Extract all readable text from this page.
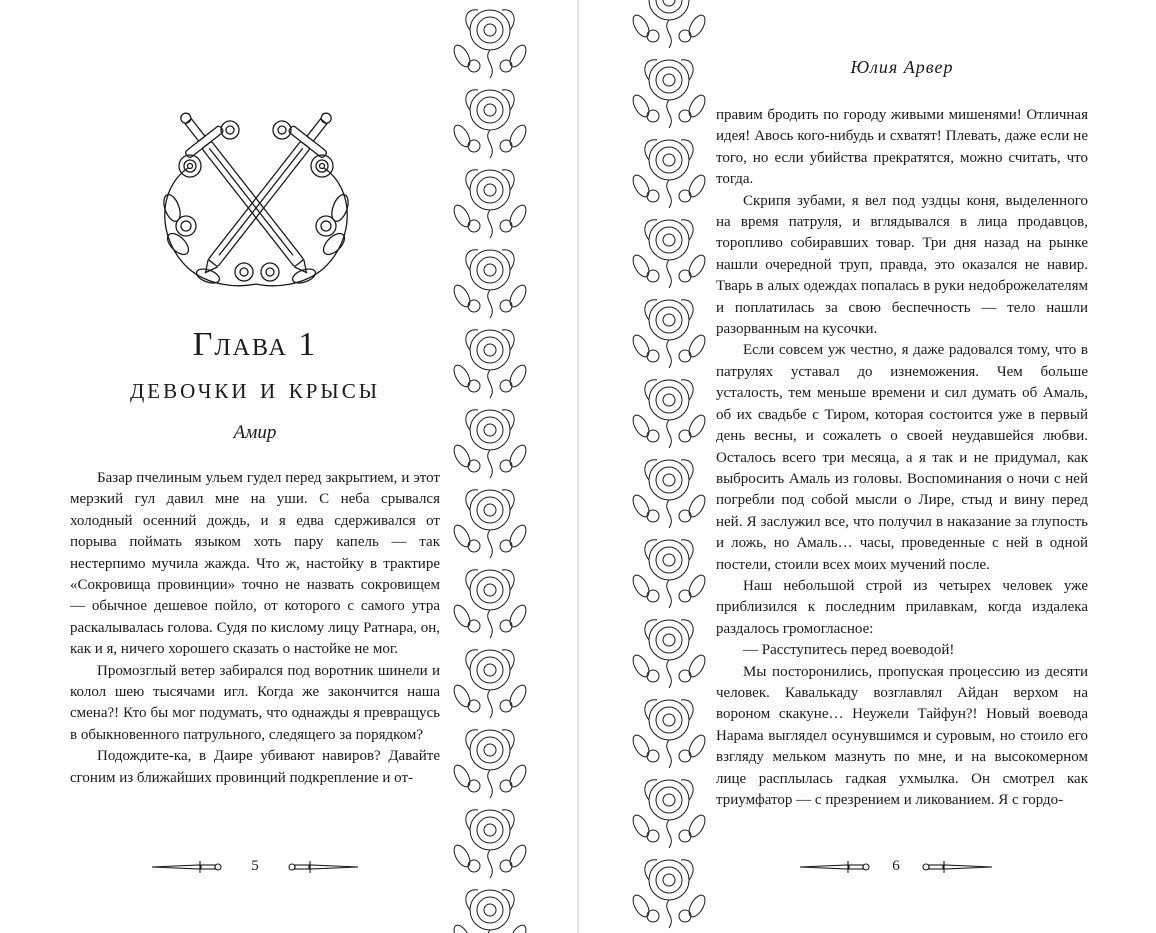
Глава 1
девочки и крысы
Амир

Базар пчелиным ульем гудел перед закрытием, и этот мерзкий гул давил мне на уши. С неба срывался холодный осенний дождь, и я едва сдерживался от порыва поймать языком хоть пару капель — так нестерпимо мучила жажда. Что ж, настойку в трактире «Сокровища провинции» точно не назвать сокровищем — обычное дешевое пойло, от которого с самого утра раскалывалась голова. Судя по кислому лицу Ратнара, он, как и я, ничего хорошего сказать о настойке не мог.

Промозглый ветер забирался под воротник шинели и колол шею тысячами игл. Когда же закончится наша смена?! Кто бы мог подумать, что однажды я превращусь в обыкновенного патрульного, следящего за порядком?

Подождите-ка, в Даире убивают навиров? Давайте сгоним из ближайших провинций подкрепление и от-

5
Юлия Арвер

правим бродить по городу живыми мишенями! Отличная идея! Авось кого-нибудь и схватят! Плевать, даже если не того, но если убийства прекратятся, можно считать, что тогда.

Скрипя зубами, я вел под уздцы коня, выделенного на время патруля, и вглядывался в лица продавцов, торопливо собиравших товар. Три дня назад на рынке нашли очередной труп, правда, это оказался не навир. Тварь в алых одеждах попалась в руки недоброжелателям и поплатилась за свою беспечность — тело нашли разорванным на кусочки.

Если совсем уж честно, я даже радовался тому, что в патрулях уставал до изнеможения. Чем больше усталость, тем меньше времени и сил думать об Амаль, об их свадьбе с Тиром, которая состоится уже в первый день весны, и сожалеть о своей неудавшейся любви. Осталось всего три месяца, а я так и не придумал, как выбросить Амаль из головы. Воспоминания о ночи с ней погребли под собой мысли о Лире, стыд и вину перед ней. Я заслужил все, что получил в наказание за глупость и ложь, но Амаль… часы, проведенные с ней в одной постели, стоили всех моих мучений после.

Наш небольшой строй из четырех человек уже приблизился к последним прилавкам, когда издалека раздалось громогласное:

— Расступитесь перед воеводой!

Мы посторонились, пропуская процессию из десяти человек. Кавалькаду возглавлял Айдан верхом на вороном скакуне… Неужели Тайфун?! Новый воевода Нарама выглядел осунувшимся и суровым, но стоило его взгляду мельком мазнуть по мне, и на высокомерном лице расплылась гадкая ухмылка. Он смотрел как триумфатор — с презрением и ликованием. Я с гордо-

6
